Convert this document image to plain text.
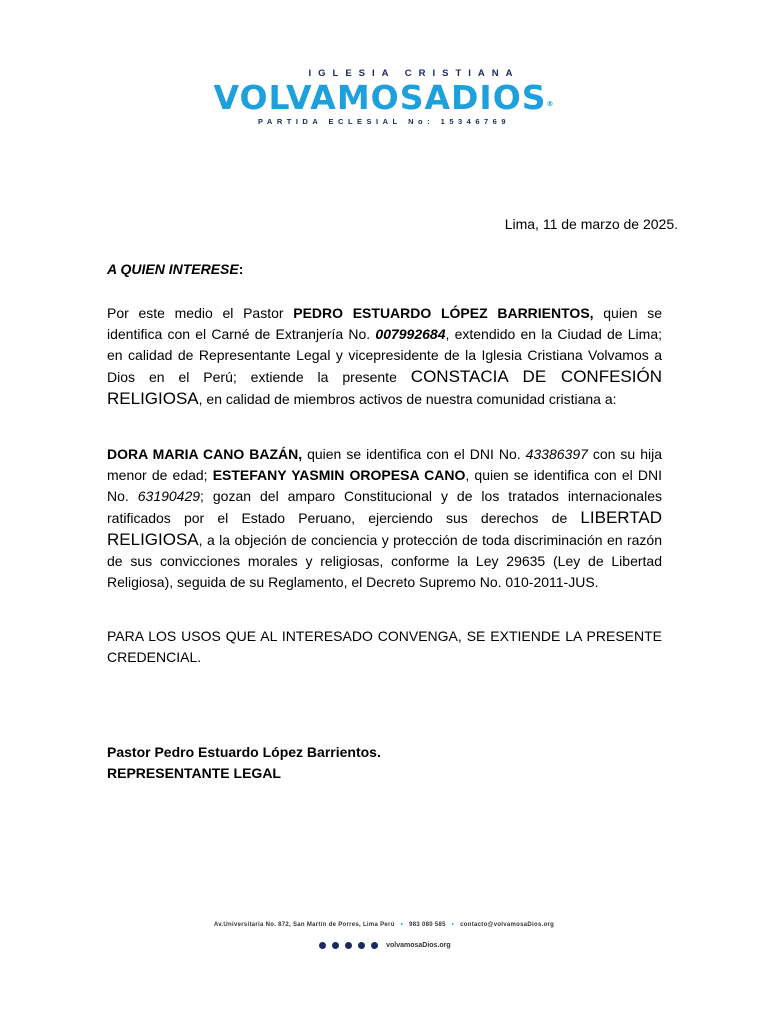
IGLESIA CRISTIANA
VOLVAMOSADIOS®
PARTIDA ECLESIAL No: 15346769
Lima, 11 de marzo de 2025.
A QUIEN INTERESE:
Por este medio el Pastor PEDRO ESTUARDO LÓPEZ BARRIENTOS, quien se identifica con el Carné de Extranjería No. 007992684, extendido en la Ciudad de Lima; en calidad de Representante Legal y vicepresidente de la Iglesia Cristiana Volvamos a Dios en el Perú; extiende la presente CONSTACIA DE CONFESIÓN RELIGIOSA, en calidad de miembros activos de nuestra comunidad cristiana a:
DORA MARIA CANO BAZÁN, quien se identifica con el DNI No. 43386397 con su hija menor de edad; ESTEFANY YASMIN OROPESA CANO, quien se identifica con el DNI No. 63190429; gozan del amparo Constitucional y de los tratados internacionales ratificados por el Estado Peruano, ejerciendo sus derechos de LIBERTAD RELIGIOSA, a la objeción de conciencia y protección de toda discriminación en razón de sus convicciones morales y religiosas, conforme la Ley 29635 (Ley de Libertad Religiosa), seguida de su Reglamento, el Decreto Supremo No. 010-2011-JUS.
PARA LOS USOS QUE AL INTERESADO CONVENGA, SE EXTIENDE LA PRESENTE CREDENCIAL.
Pastor Pedro Estuardo López Barrientos.
REPRESENTANTE LEGAL
Av.Universitaria No. 872, San Martín de Porres, Lima Perú • 983 080 585 • contacto@volvamosaDios.org
volvamosaDios.org
